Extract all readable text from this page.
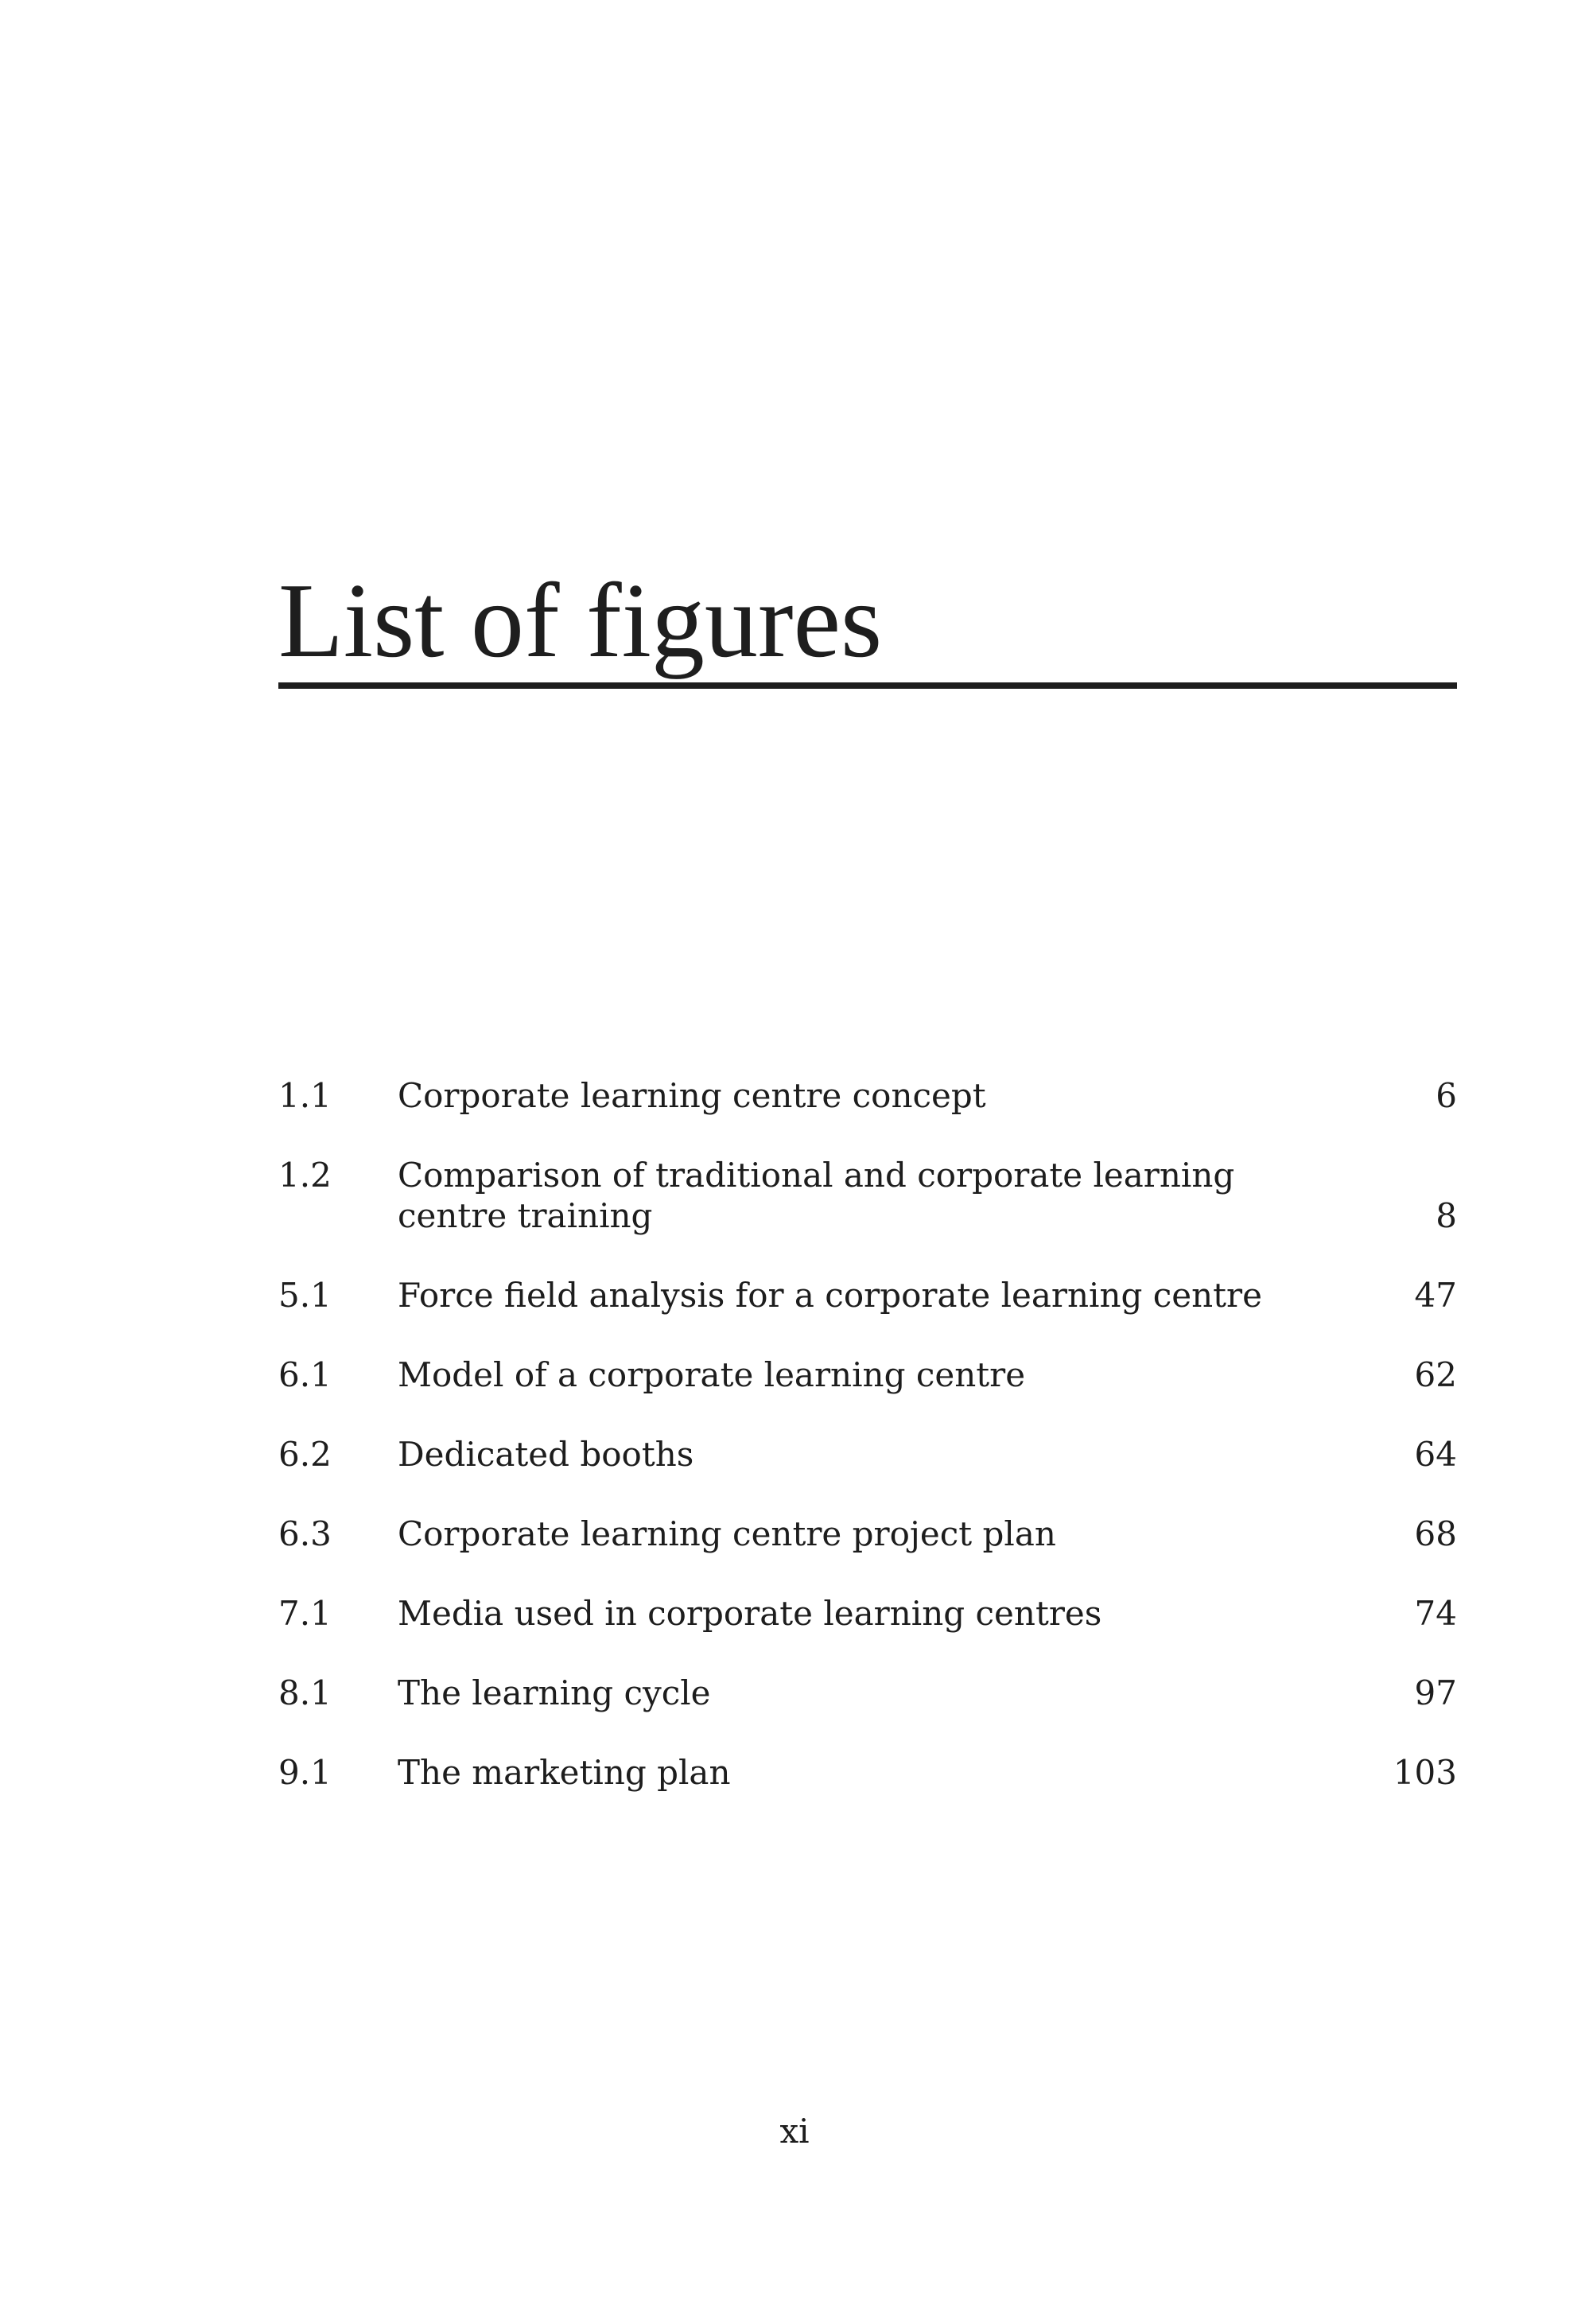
List of figures
1.1	Corporate learning centre concept	6
1.2	Comparison of traditional and corporate learning centre training	8
5.1	Force field analysis for a corporate learning centre	47
6.1	Model of a corporate learning centre	62
6.2	Dedicated booths	64
6.3	Corporate learning centre project plan	68
7.1	Media used in corporate learning centres	74
8.1	The learning cycle	97
9.1	The marketing plan	103
xi
